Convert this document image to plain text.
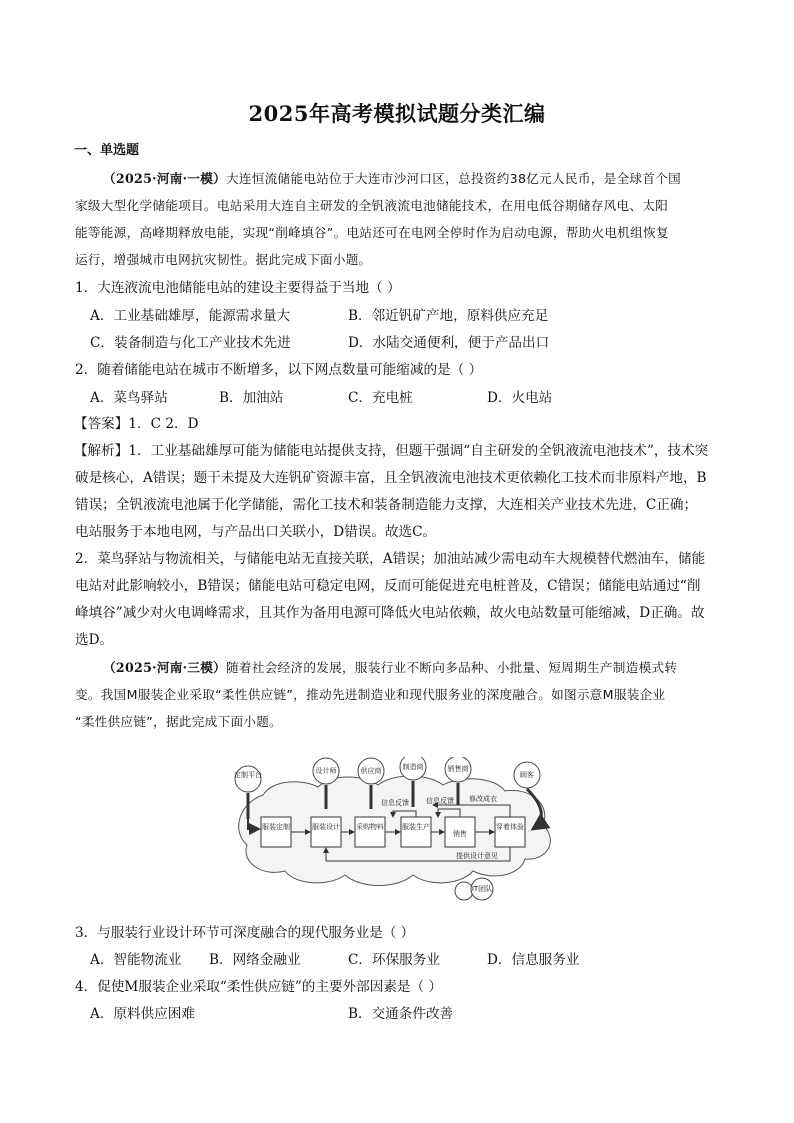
2025年高考模拟试题分类汇编
一、单选题
（2025·河南·一模）大连恒流储能电站位于大连市沙河口区，总投资约38亿元人民币，是全球首个国
家级大型化学储能项目。电站采用大连自主研发的全钒液流电池储能技术，在用电低谷期储存风电、太阳
能等能源，高峰期释放电能，实现“削峰填谷”。电站还可在电网全停时作为启动电源，帮助火电机组恢复
运行，增强城市电网抗灾韧性。据此完成下面小题。
1．大连液流电池储能电站的建设主要得益于当地（ ）
A．工业基础雄厚，能源需求量大	B．邻近钒矿产地，原料供应充足
C．装备制造与化工产业技术先进	D．水陆交通便利，便于产品出口
2．随着储能电站在城市不断增多，以下网点数量可能缩减的是（ ）
A．菜鸟驿站	B．加油站	C．充电桩	D．火电站
【答案】1．C 2．D
【解析】1．工业基础雄厚可能为储能电站提供支持，但题干强调“自主研发的全钒液流电池技术”，技术突
破是核心，A错误；题干未提及大连钒矿资源丰富，且全钒液流电池技术更依赖化工技术而非原料产地，B
错误；全钒液流电池属于化学储能，需化工技术和装备制造能力支撑，大连相关产业技术先进，C正确；
电站服务于本地电网，与产品出口关联小，D错误。故选C。
2．菜鸟驿站与物流相关，与储能电站无直接关联，A错误；加油站减少需电动车大规模替代燃油车，储能
电站对此影响较小，B错误；储能电站可稳定电网，反而可能促进充电桩普及，C错误；储能电站通过“削
峰填谷”减少对火电调峰需求，且其作为备用电源可降低火电站依赖，故火电站数量可能缩减，D正确。故
选D。
（2025·河南·三模）随着社会经济的发展，服装行业不断向多品种、小批量、短周期生产制造模式转
变。我国M服装企业采取“柔性供应链”，推动先进制造业和现代服务业的深度融合。如图示意M服装企业
“柔性供应链”，据此完成下面小题。
定制平台	设计师	供应商	制造商	销售商
顾客
服装定制	服装设计 采购物料	服装生产
销售
穿着体验
信息反馈 信息反馈 修改成衣
提供设计意见
IT团队
3．与服装行业设计环节可深度融合的现代服务业是（ ）
A．智能物流业 B．网络金融业	C．环保服务业	D．信息服务业
4．促使M服装企业采取“柔性供应链”的主要外部因素是（ ）
A．原料供应困难	B．交通条件改善
